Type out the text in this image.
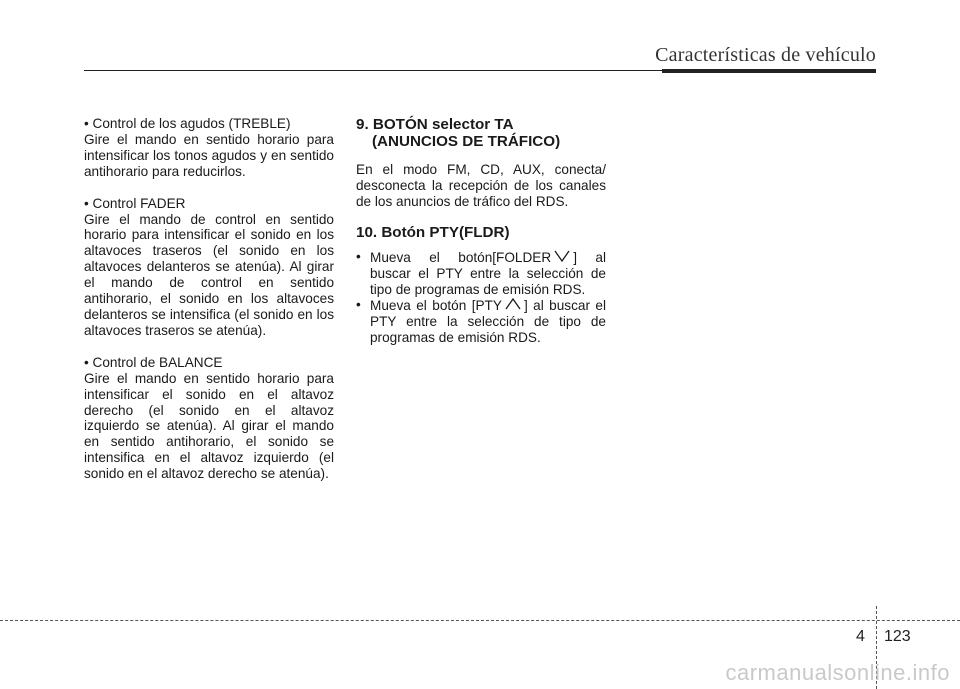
Características de vehículo

• Control de los agudos (TREBLE)

Gire el mando en sentido horario para intensificar los tonos agudos y en sentido antihorario para reducirlos.

• Control FADER

Gire el mando de control en sentido horario para intensificar el sonido en los altavoces traseros (el sonido en los altavoces delanteros se atenúa). Al girar el mando de control en sentido antihorario, el sonido en los altavoces delanteros se intensifica (el sonido en los altavoces traseros se atenúa).

• Control de BALANCE

Gire el mando en sentido horario para intensificar el sonido en el altavoz derecho (el sonido en el altavoz izquierdo se atenúa). Al girar el mando en sentido antihorario, el sonido se intensifica en el altavoz izquierdo (el sonido en el altavoz derecho se atenúa).

9. BOTÓN selector TA
(ANUNCIOS DE TRÁFICO)

En el modo FM, CD, AUX, conecta/ desconecta la recepción de los canales de los anuncios de tráfico del RDS.

10. Botón PTY(FLDR)

• Mueva el botón[FOLDER ] al buscar el PTY entre la selección de tipo de programas de emisión RDS.
• Mueva el botón [PTY ] al buscar el PTY entre la selección de tipo de programas de emisión RDS.
4 123
carmanualsonline.info
